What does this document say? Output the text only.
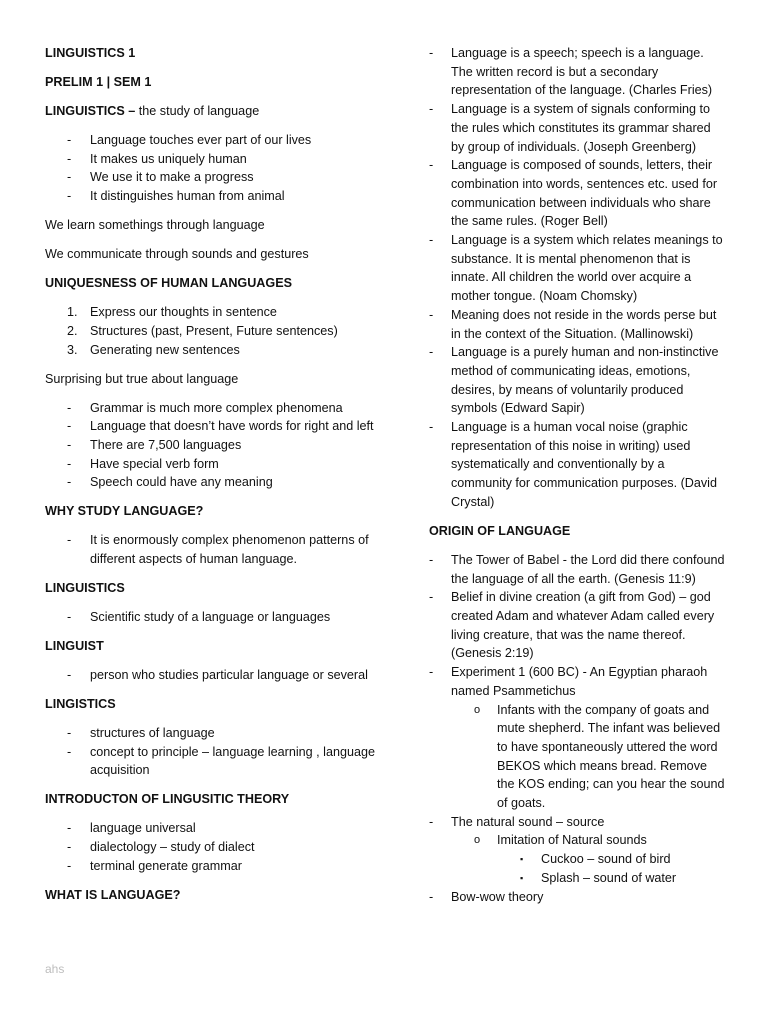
LINGUISTICS 1
PRELIM 1 | SEM 1
LINGUISTICS – the study of language
- Language touches ever part of our lives
- It makes us uniquely human
- We use it to make a progress
- It distinguishes human from animal
We learn somethings through language
We communicate through sounds and gestures
UNIQUESNESS OF HUMAN LANGUAGES
1. Express our thoughts in sentence
2. Structures (past, Present, Future sentences)
3. Generating new sentences
Surprising but true about language
- Grammar is much more complex phenomena
- Language that doesn’t have words for right and left
- There are 7,500 languages
- Have special verb form
- Speech could have any meaning
WHY STUDY LANGUAGE?
- It is enormously complex phenomenon patterns of different aspects of human language.
LINGUISTICS
- Scientific study of a language or languages
LINGUIST
- person who studies particular language or several
LINGISTICS
- structures of language
- concept to principle – language learning , language acquisition
INTRODUCTON OF LINGUSITIC THEORY
- language universal
- dialectology – study of dialect
- terminal generate grammar
WHAT IS LANGUAGE?
- Language is a speech; speech is a language. The written record is but a secondary representation of the language. (Charles Fries)
- Language is a system of signals conforming to the rules which constitutes its grammar shared by group of individuals. (Joseph Greenberg)
- Language is composed of sounds, letters, their combination into words, sentences etc. used for communication between individuals who share the same rules. (Roger Bell)
- Language is a system which relates meanings to substance. It is mental phenomenon that is innate. All children the world over acquire a mother tongue. (Noam Chomsky)
- Meaning does not reside in the words perse but in the context of the Situation. (Mallinowski)
- Language is a purely human and non-instinctive method of communicating ideas, emotions, desires, by means of voluntarily produced symbols (Edward Sapir)
- Language is a human vocal noise (graphic representation of this noise in writing) used systematically and conventionally by a community for communication purposes. (David Crystal)
ORIGIN OF LANGUAGE
- The Tower of Babel - the Lord did there confound the language of all the earth. (Genesis 11:9)
- Belief in divine creation (a gift from God) – god created Adam and whatever Adam called every living creature, that was the name thereof. (Genesis 2:19)
- Experiment 1 (600 BC) - An Egyptian pharaoh named Psammetichus
o Infants with the company of goats and mute shepherd. The infant was believed to have spontaneously uttered the word BEKOS which means bread. Remove the KOS ending; can you hear the sound of goats.
- The natural sound – source
o Imitation of Natural sounds
▪ Cuckoo – sound of bird
▪ Splash – sound of water
- Bow-wow theory
ahs
